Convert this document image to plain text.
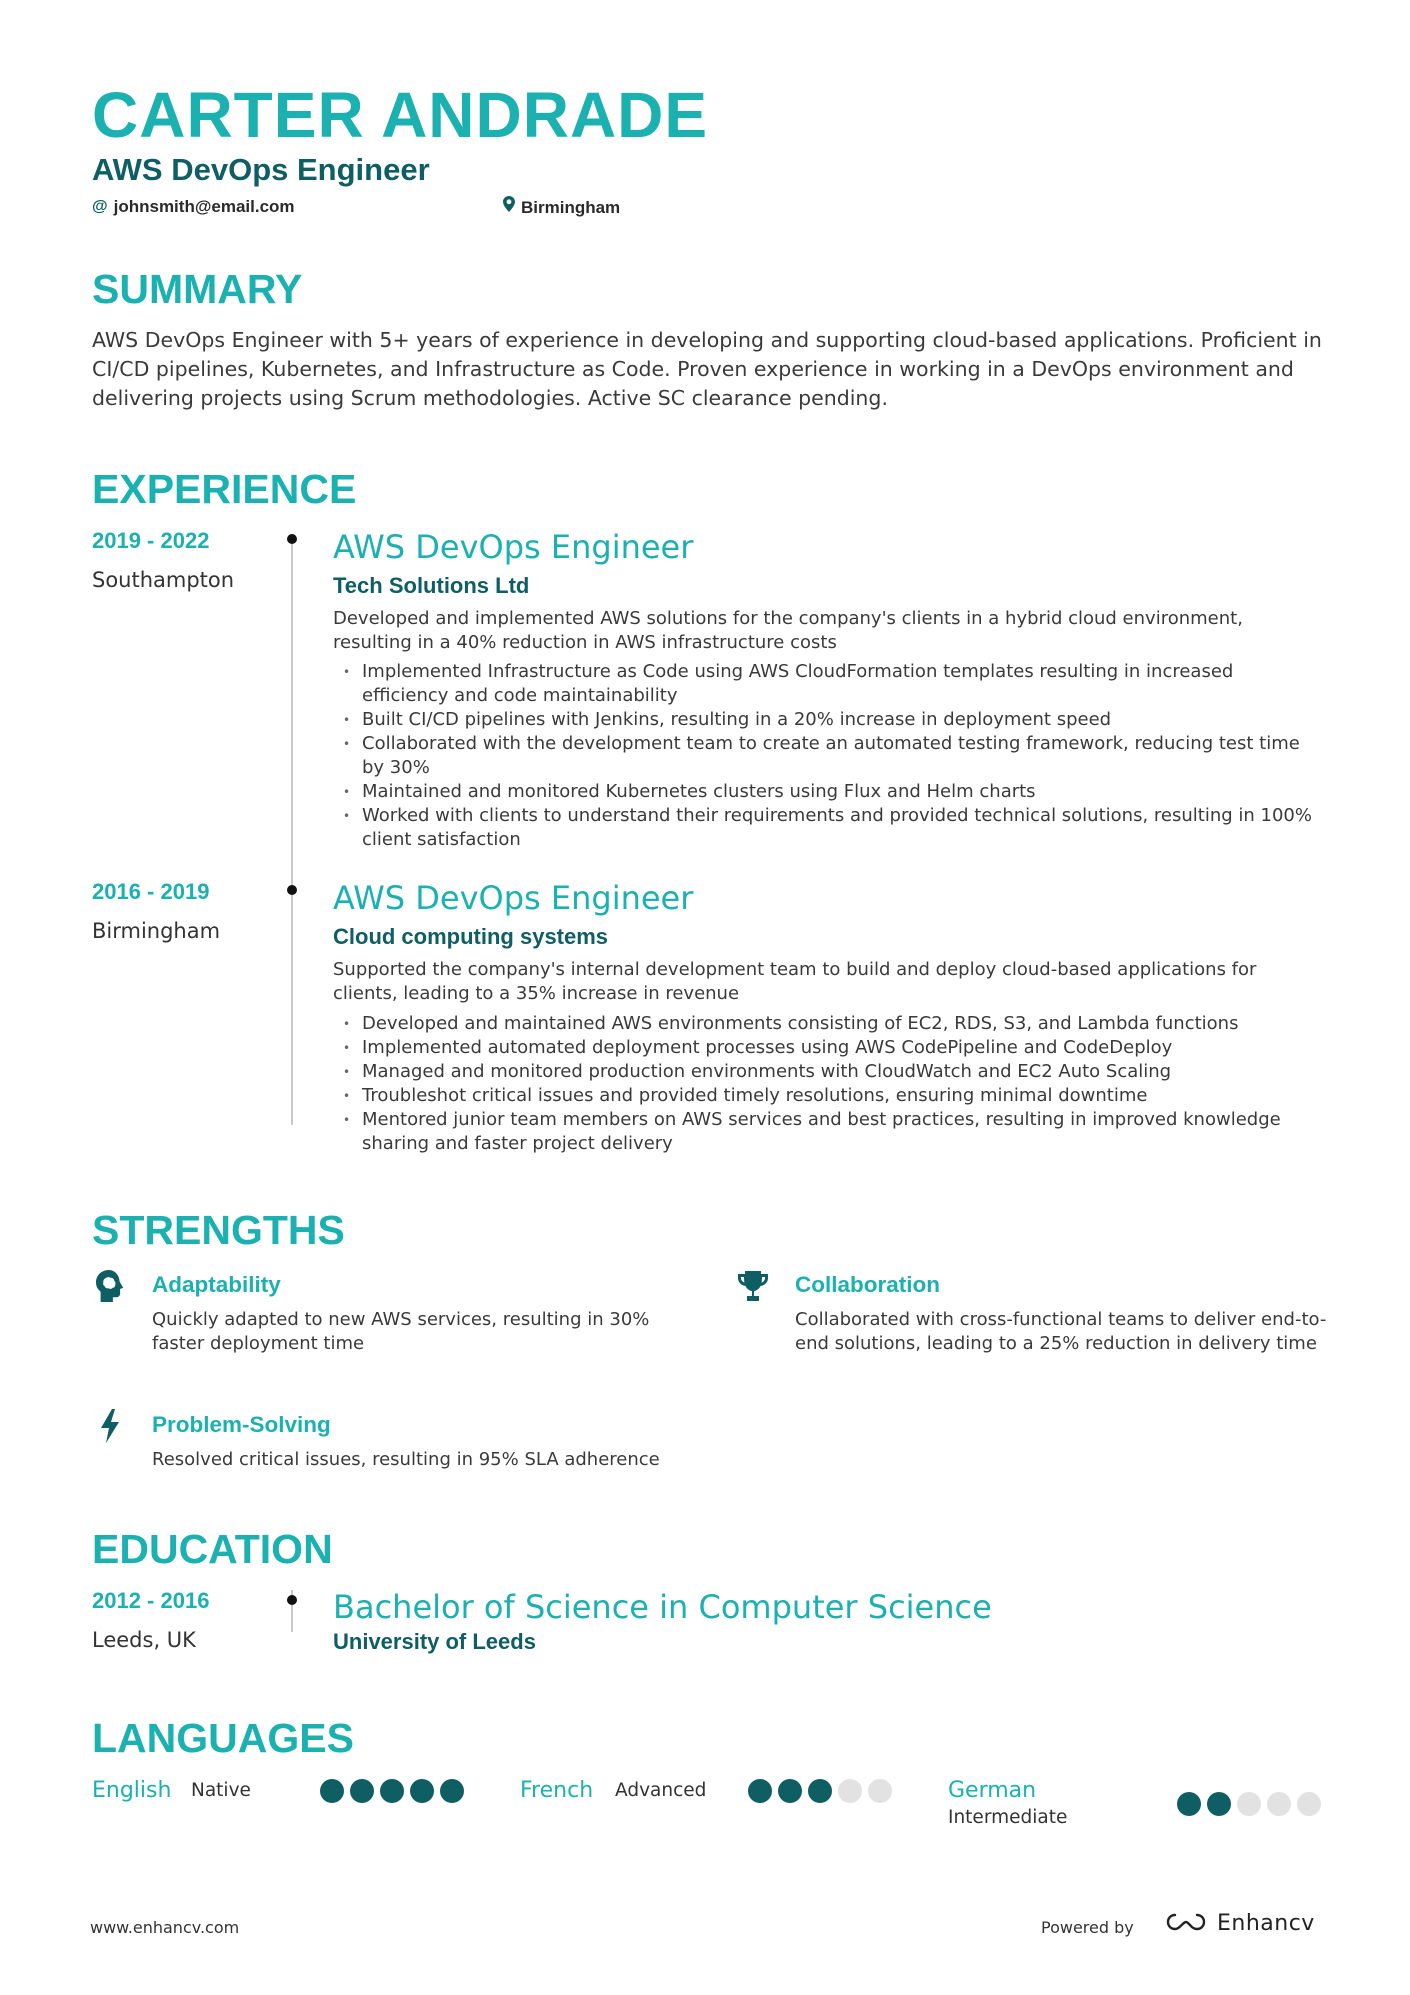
CARTER ANDRADE
AWS DevOps Engineer
@ johnsmith@email.com	Birmingham
SUMMARY
AWS DevOps Engineer with 5+ years of experience in developing and supporting cloud-based applications. Proficient in CI/CD pipelines, Kubernetes, and Infrastructure as Code. Proven experience in working in a DevOps environment and delivering projects using Scrum methodologies. Active SC clearance pending.
EXPERIENCE
2019 - 2022
Southampton
AWS DevOps Engineer
Tech Solutions Ltd
Developed and implemented AWS solutions for the company's clients in a hybrid cloud environment, resulting in a 40% reduction in AWS infrastructure costs
• Implemented Infrastructure as Code using AWS CloudFormation templates resulting in increased efficiency and code maintainability
• Built CI/CD pipelines with Jenkins, resulting in a 20% increase in deployment speed
• Collaborated with the development team to create an automated testing framework, reducing test time by 30%
• Maintained and monitored Kubernetes clusters using Flux and Helm charts
• Worked with clients to understand their requirements and provided technical solutions, resulting in 100% client satisfaction
2016 - 2019
Birmingham
AWS DevOps Engineer
Cloud computing systems
Supported the company's internal development team to build and deploy cloud-based applications for clients, leading to a 35% increase in revenue
• Developed and maintained AWS environments consisting of EC2, RDS, S3, and Lambda functions
• Implemented automated deployment processes using AWS CodePipeline and CodeDeploy
• Managed and monitored production environments with CloudWatch and EC2 Auto Scaling
• Troubleshot critical issues and provided timely resolutions, ensuring minimal downtime
• Mentored junior team members on AWS services and best practices, resulting in improved knowledge sharing and faster project delivery
STRENGTHS
Adaptability
Quickly adapted to new AWS services, resulting in 30% faster deployment time
Collaboration
Collaborated with cross-functional teams to deliver end-to-end solutions, leading to a 25% reduction in delivery time
Problem-Solving
Resolved critical issues, resulting in 95% SLA adherence
EDUCATION
2012 - 2016
Leeds, UK
Bachelor of Science in Computer Science
University of Leeds
LANGUAGES
English Native	French Advanced	German
Intermediate
www.enhancv.com	Powered by	Enhancv
